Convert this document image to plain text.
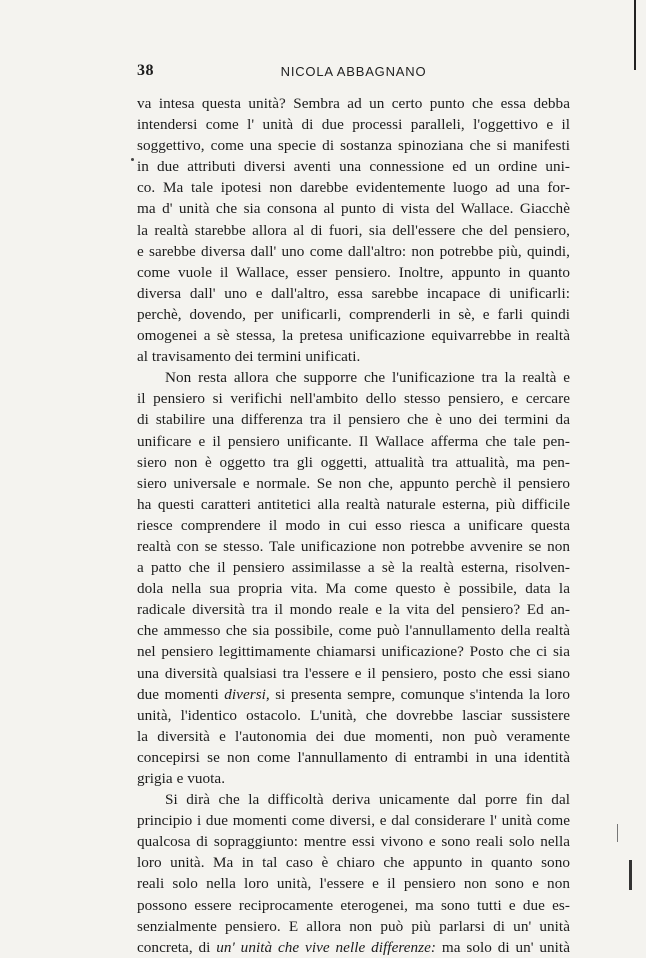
38	NICOLA ABBAGNANO
va intesa questa unità? Sembra ad un certo punto che essa debba
intendersi come l' unità di due processi paralleli, l'oggettivo e il
soggettivo, come una specie di sostanza spinoziana che si manifesti
in due attributi diversi aventi una connessione ed un ordine uni-
co. Ma tale ipotesi non darebbe evidentemente luogo ad una for-
ma d' unità che sia consona al punto di vista del Wallace. Giacchè
la realtà starebbe allora al di fuori, sia dell'essere che del pensiero,
e sarebbe diversa dall' uno come dall'altro: non potrebbe più, quindi,
come vuole il Wallace, esser pensiero. Inoltre, appunto in quanto
diversa dall' uno e dall'altro, essa sarebbe incapace di unificarli:
perchè, dovendo, per unificarli, comprenderli in sè, e farli quindi
omogenei a sè stessa, la pretesa unificazione equivarrebbe in realtà
al travisamento dei termini unificati.
Non resta allora che supporre che l'unificazione tra la realtà e
il pensiero si verifichi nell'ambito dello stesso pensiero, e cercare
di stabilire una differenza tra il pensiero che è uno dei termini da
unificare e il pensiero unificante. Il Wallace afferma che tale pen-
siero non è oggetto tra gli oggetti, attualità tra attualità, ma pen-
siero universale e normale. Se non che, appunto perchè il pensiero
ha questi caratteri antitetici alla realtà naturale esterna, più difficile
riesce comprendere il modo in cui esso riesca a unificare questa
realtà con se stesso. Tale unificazione non potrebbe avvenire se non
a patto che il pensiero assimilasse a sè la realtà esterna, risolven-
dola nella sua propria vita. Ma come questo è possibile, data la
radicale diversità tra il mondo reale e la vita del pensiero? Ed an-
che ammesso che sia possibile, come può l'annullamento della realtà
nel pensiero legittimamente chiamarsi unificazione? Posto che ci sia
una diversità qualsiasi tra l'essere e il pensiero, posto che essi siano
due momenti diversi, si presenta sempre, comunque s'intenda la loro
unità, l'identico ostacolo. L'unità, che dovrebbe lasciar sussistere
la diversità e l'autonomia dei due momenti, non può veramente
concepirsi se non come l'annullamento di entrambi in una identità
grigia e vuota.
Si dirà che la difficoltà deriva unicamente dal porre fin dal
principio i due momenti come diversi, e dal considerare l' unità come
qualcosa di sopraggiunto: mentre essi vivono e sono reali solo nella
loro unità. Ma in tal caso è chiaro che appunto in quanto sono
reali solo nella loro unità, l'essere e il pensiero non sono e non
possono essere reciprocamente eterogenei, ma sono tutti e due es-
senzialmente pensiero. E allora non può più parlarsi di un' unità
concreta, di un' unità che vive nelle differenze: ma solo di un' unità
